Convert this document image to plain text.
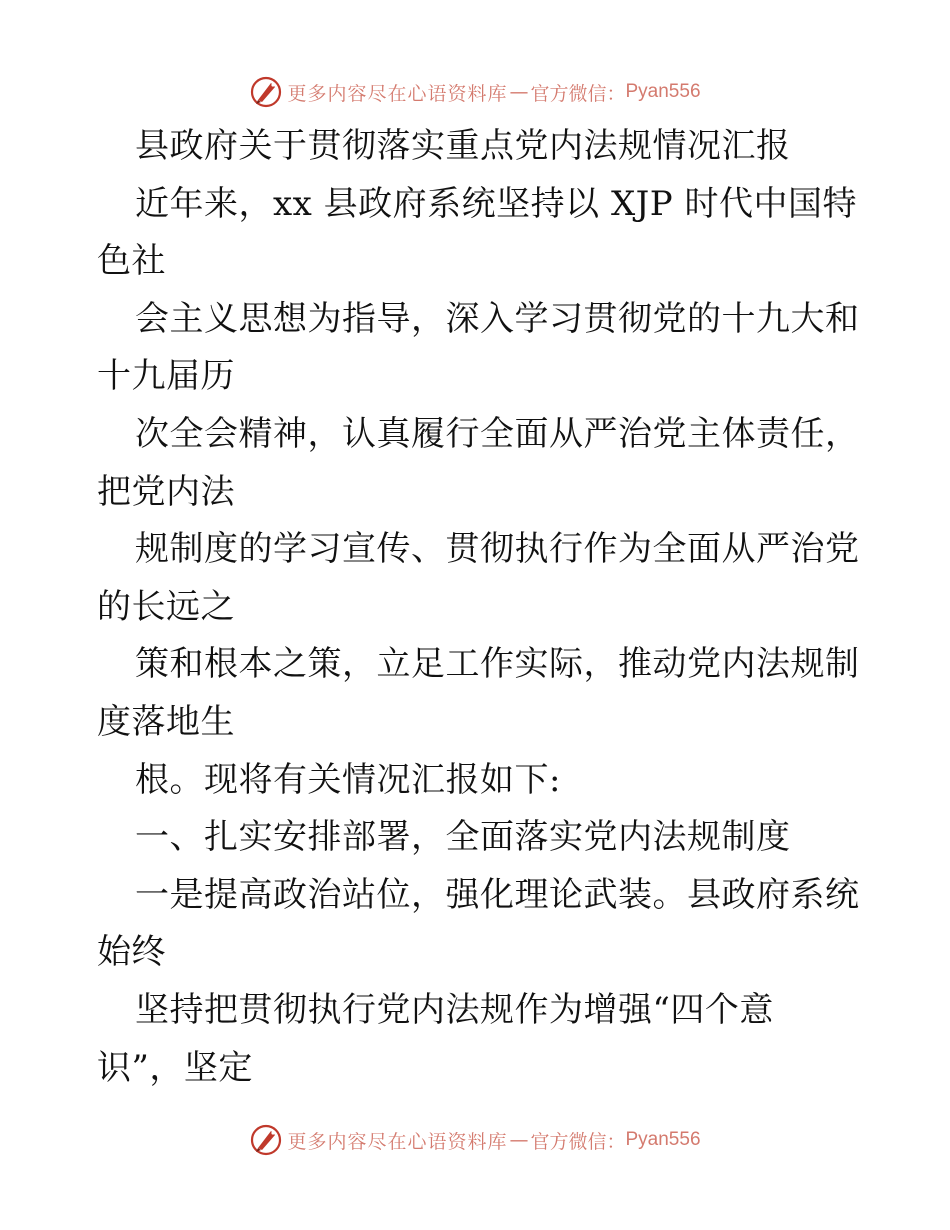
更多内容尽在心语资料库 — 官方微信： Pyan556
县政府关于贯彻落实重点党内法规情况汇报
近年来，xx 县政府系统坚持以 XJP 时代中国特
色社
会主义思想为指导，深入学习贯彻党的十九大和
十九届历
次全会精神，认真履行全面从严治党主体责任，
把党内法
规制度的学习宣传、贯彻执行作为全面从严治党
的长远之
策和根本之策，立足工作实际，推动党内法规制
度落地生
根。现将有关情况汇报如下:
一、扎实安排部署，全面落实党内法规制度
一是提高政治站位，强化理论武装。县政府系统
始终
坚持把贯彻执行党内法规作为增强“四个意
识”，坚定
更多内容尽在心语资料库 — 官方微信： Pyan556
